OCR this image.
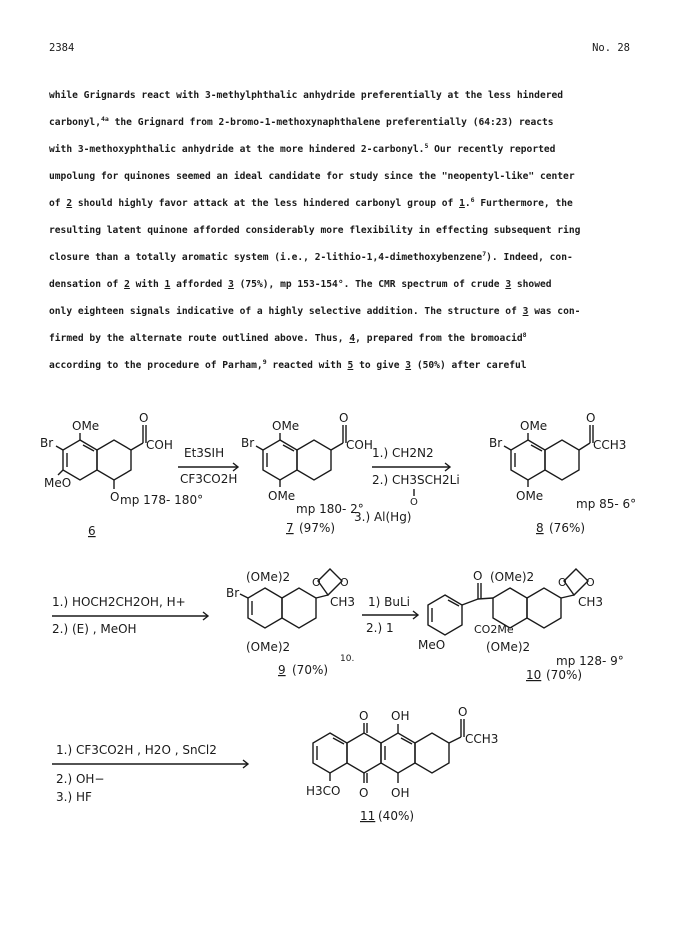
2384	No. 28
while Grignards react with 3-methylphthalic anhydride preferentially at the less hindered
carbonyl,$^{4a}$ the Grignard from 2-bromo-1-methoxynaphthalene preferentially (64:23) reacts
with 3-methoxyphthalic anhydride at the more hindered 2-carbonyl.$^5$ Our recently reported
umpolung for quinones seemed an ideal candidate for study since the "neopentyl-like" center
of 2 should highly favor attack at the less hindered carbonyl group of 1.$^6$ Furthermore, the
resulting latent quinone afforded considerably more flexibility in effecting subsequent ring
closure than a totally aromatic system (i.e., 2-lithio-1,4-dimethoxybenzene$^7$). Indeed, con-
densation of 2 with 1 afforded 3 (75%), mp 153-154°. The CMR spectrum of crude 3 showed
only eighteen signals indicative of a highly selective addition. The structure of 3 was con-
firmed by the alternate route outlined above. Thus, 4, prepared from the bromoacid$^8$
according to the procedure of Parham,$^9$ reacted with 5 to give 3 (50%) after careful
OMe
O
COH
Br
MeO
O mp 178- 180°
6
Et3SIH
CF3CO2H
OMe
O
COH
Br
OMe
mp 180- 2°
7 (97%)
1.) CH2N2
2.) CH3SCH2Li
O
3.) Al(Hg)
OMe
O
CCH3
Br
OMe
mp 85- 6°
8 (76%)
1.) HOCH2CH2OH, H+
2.) (E) , MeOH
(OMe)2
(OMe)2
Br
O O
CH3
9 (70%)
10.
1) BuLi
2.) 1
O (OMe)2
(OMe)2
CO2Me
MeO
O O
CH3
mp 128- 9°
10 (70%)
1.) CF3CO2H , H2O , SnCl2
2.) OH−
3.) HF
O OH	O
CCH3
O OH
H3CO
11 (40%)
